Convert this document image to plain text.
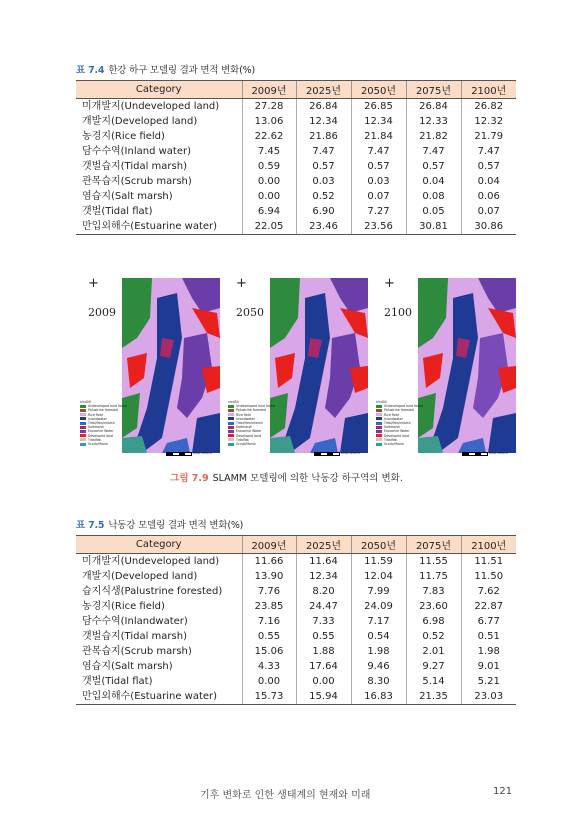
표 7.4 한강 하구 모델링 결과 면적 변화(%)
Category	2009년	2025년	2050년	2075년	2100년
미개발지(Undeveloped land)	27.28	26.84	26.85	26.84	26.82
개발지(Developed land)	13.06	12.34	12.34	12.33	12.32
농경지(Rice field)	22.62	21.86	21.84	21.82	21.79
담수수역(Inland water)	7.45	7.47	7.47	7.47	7.47
갯벌습지(Tidal marsh)	0.59	0.57	0.57	0.57	0.57
관목습지(Scrub marsh)	0.00	0.03	0.03	0.04	0.04
염습지(Salt marsh)	0.00	0.52	0.07	0.08	0.06
갯벌(Tidal flat)	6.94	6.90	7.27	0.05	0.07
만입외해수(Estuarine water)	22.05	23.46	23.56	30.81	30.86
+
2009
nlcd09
Undeveloped land forest
Palustrine forested
Rice field
Inlandwater
Tidal/freshmarsh
Saltmarsh
Estuarine Water
Developed land
Tidalflat
Scrub/Marsh
Kilometers
+
2050
nlcd50
Undeveloped land forest
Palustrine forested
Rice field
Inlandwater
Tidal/freshmarsh
Saltmarsh
Estuarine Water
Developed land
Tidalflat
Scrub/Marsh
Kilometers
+
2100
nlcd00
Undeveloped land forest
Palustrine forested
Rice field
Inlandwater
Tidal/freshmarsh
Saltmarsh
Estuarine Water
Developed land
Tidalflat
Scrub/Marsh
Kilometers
그림 7.9 SLAMM 모델링에 의한 낙동강 하구역의 변화.
표 7.5 낙동강 모델링 결과 면적 변화(%)
Category	2009년	2025년	2050년	2075년	2100년
미개발지(Undeveloped land)	11.66	11.64	11.59	11.55	11.51
개발지(Developed land)	13.90	12.34	12.04	11.75	11.50
습지식생(Palustrine forested)	7.76	8.20	7.99	7.83	7.62
농경지(Rice field)	23.85	24.47	24.09	23.60	22.87
담수수역(Inlandwater)	7.16	7.33	7.17	6.98	6.77
갯벌습지(Tidal marsh)	0.55	0.55	0.54	0.52	0.51
관목습지(Scrub marsh)	15.06	1.88	1.98	2.01	1.98
염습지(Salt marsh)	4.33	17.64	9.46	9.27	9.01
갯벌(Tidal flat)	0.00	0.00	8.30	5.14	5.21
만입외해수(Estuarine water)	15.73	15.94	16.83	21.35	23.03
기후 변화로 인한 생태계의 현재와 미래	121
